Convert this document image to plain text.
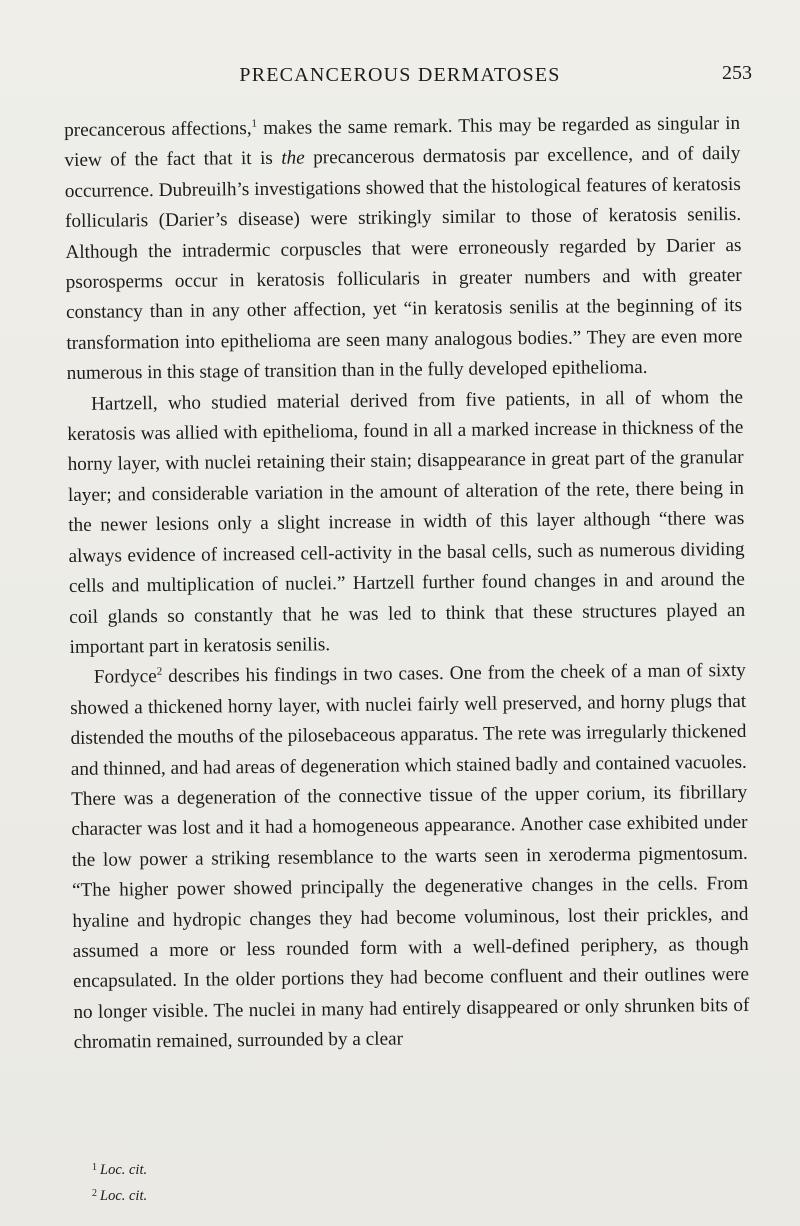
PRECANCEROUS DERMATOSES	253

precancerous affections,$^1$ makes the same remark. This may be regarded as singular in view of the fact that it is the precancerous dermatosis par excellence, and of daily occurrence. Dubreuilh’s investigations showed that the histological features of keratosis follicularis (Darier’s disease) were strikingly similar to those of keratosis senilis. Although the intradermic corpuscles that were erroneously regarded by Darier as psorosperms occur in keratosis follicularis in greater numbers and with greater constancy than in any other affection, yet “in keratosis senilis at the beginning of its transformation into epithelioma are seen many analogous bodies.” They are even more numerous in this stage of transition than in the fully developed epithelioma.

Hartzell, who studied material derived from five patients, in all of whom the keratosis was allied with epithelioma, found in all a marked increase in thickness of the horny layer, with nuclei retaining their stain; disappearance in great part of the granular layer; and considerable variation in the amount of alteration of the rete, there being in the newer lesions only a slight increase in width of this layer although “there was always evidence of increased cell-activity in the basal cells, such as numerous dividing cells and multiplication of nuclei.” Hartzell further found changes in and around the coil glands so constantly that he was led to think that these structures played an important part in keratosis senilis.

Fordyce$^2$ describes his findings in two cases. One from the cheek of a man of sixty showed a thickened horny layer, with nuclei fairly well preserved, and horny plugs that distended the mouths of the pilosebaceous apparatus. The rete was irregularly thickened and thinned, and had areas of degeneration which stained badly and contained vacuoles. There was a degeneration of the connective tissue of the upper corium, its fibrillary character was lost and it had a homogeneous appearance. Another case exhibited under the low power a striking resemblance to the warts seen in xeroderma pigmentosum. “The higher power showed principally the degenerative changes in the cells. From hyaline and hydropic changes they had become voluminous, lost their prickles, and assumed a more or less rounded form with a well-defined periphery, as though encapsulated. In the older portions they had become confluent and their outlines were no longer visible. The nuclei in many had entirely disappeared or only shrunken bits of chromatin remained, surrounded by a clear

$^1$ Loc. cit.
$^2$ Loc. cit.
